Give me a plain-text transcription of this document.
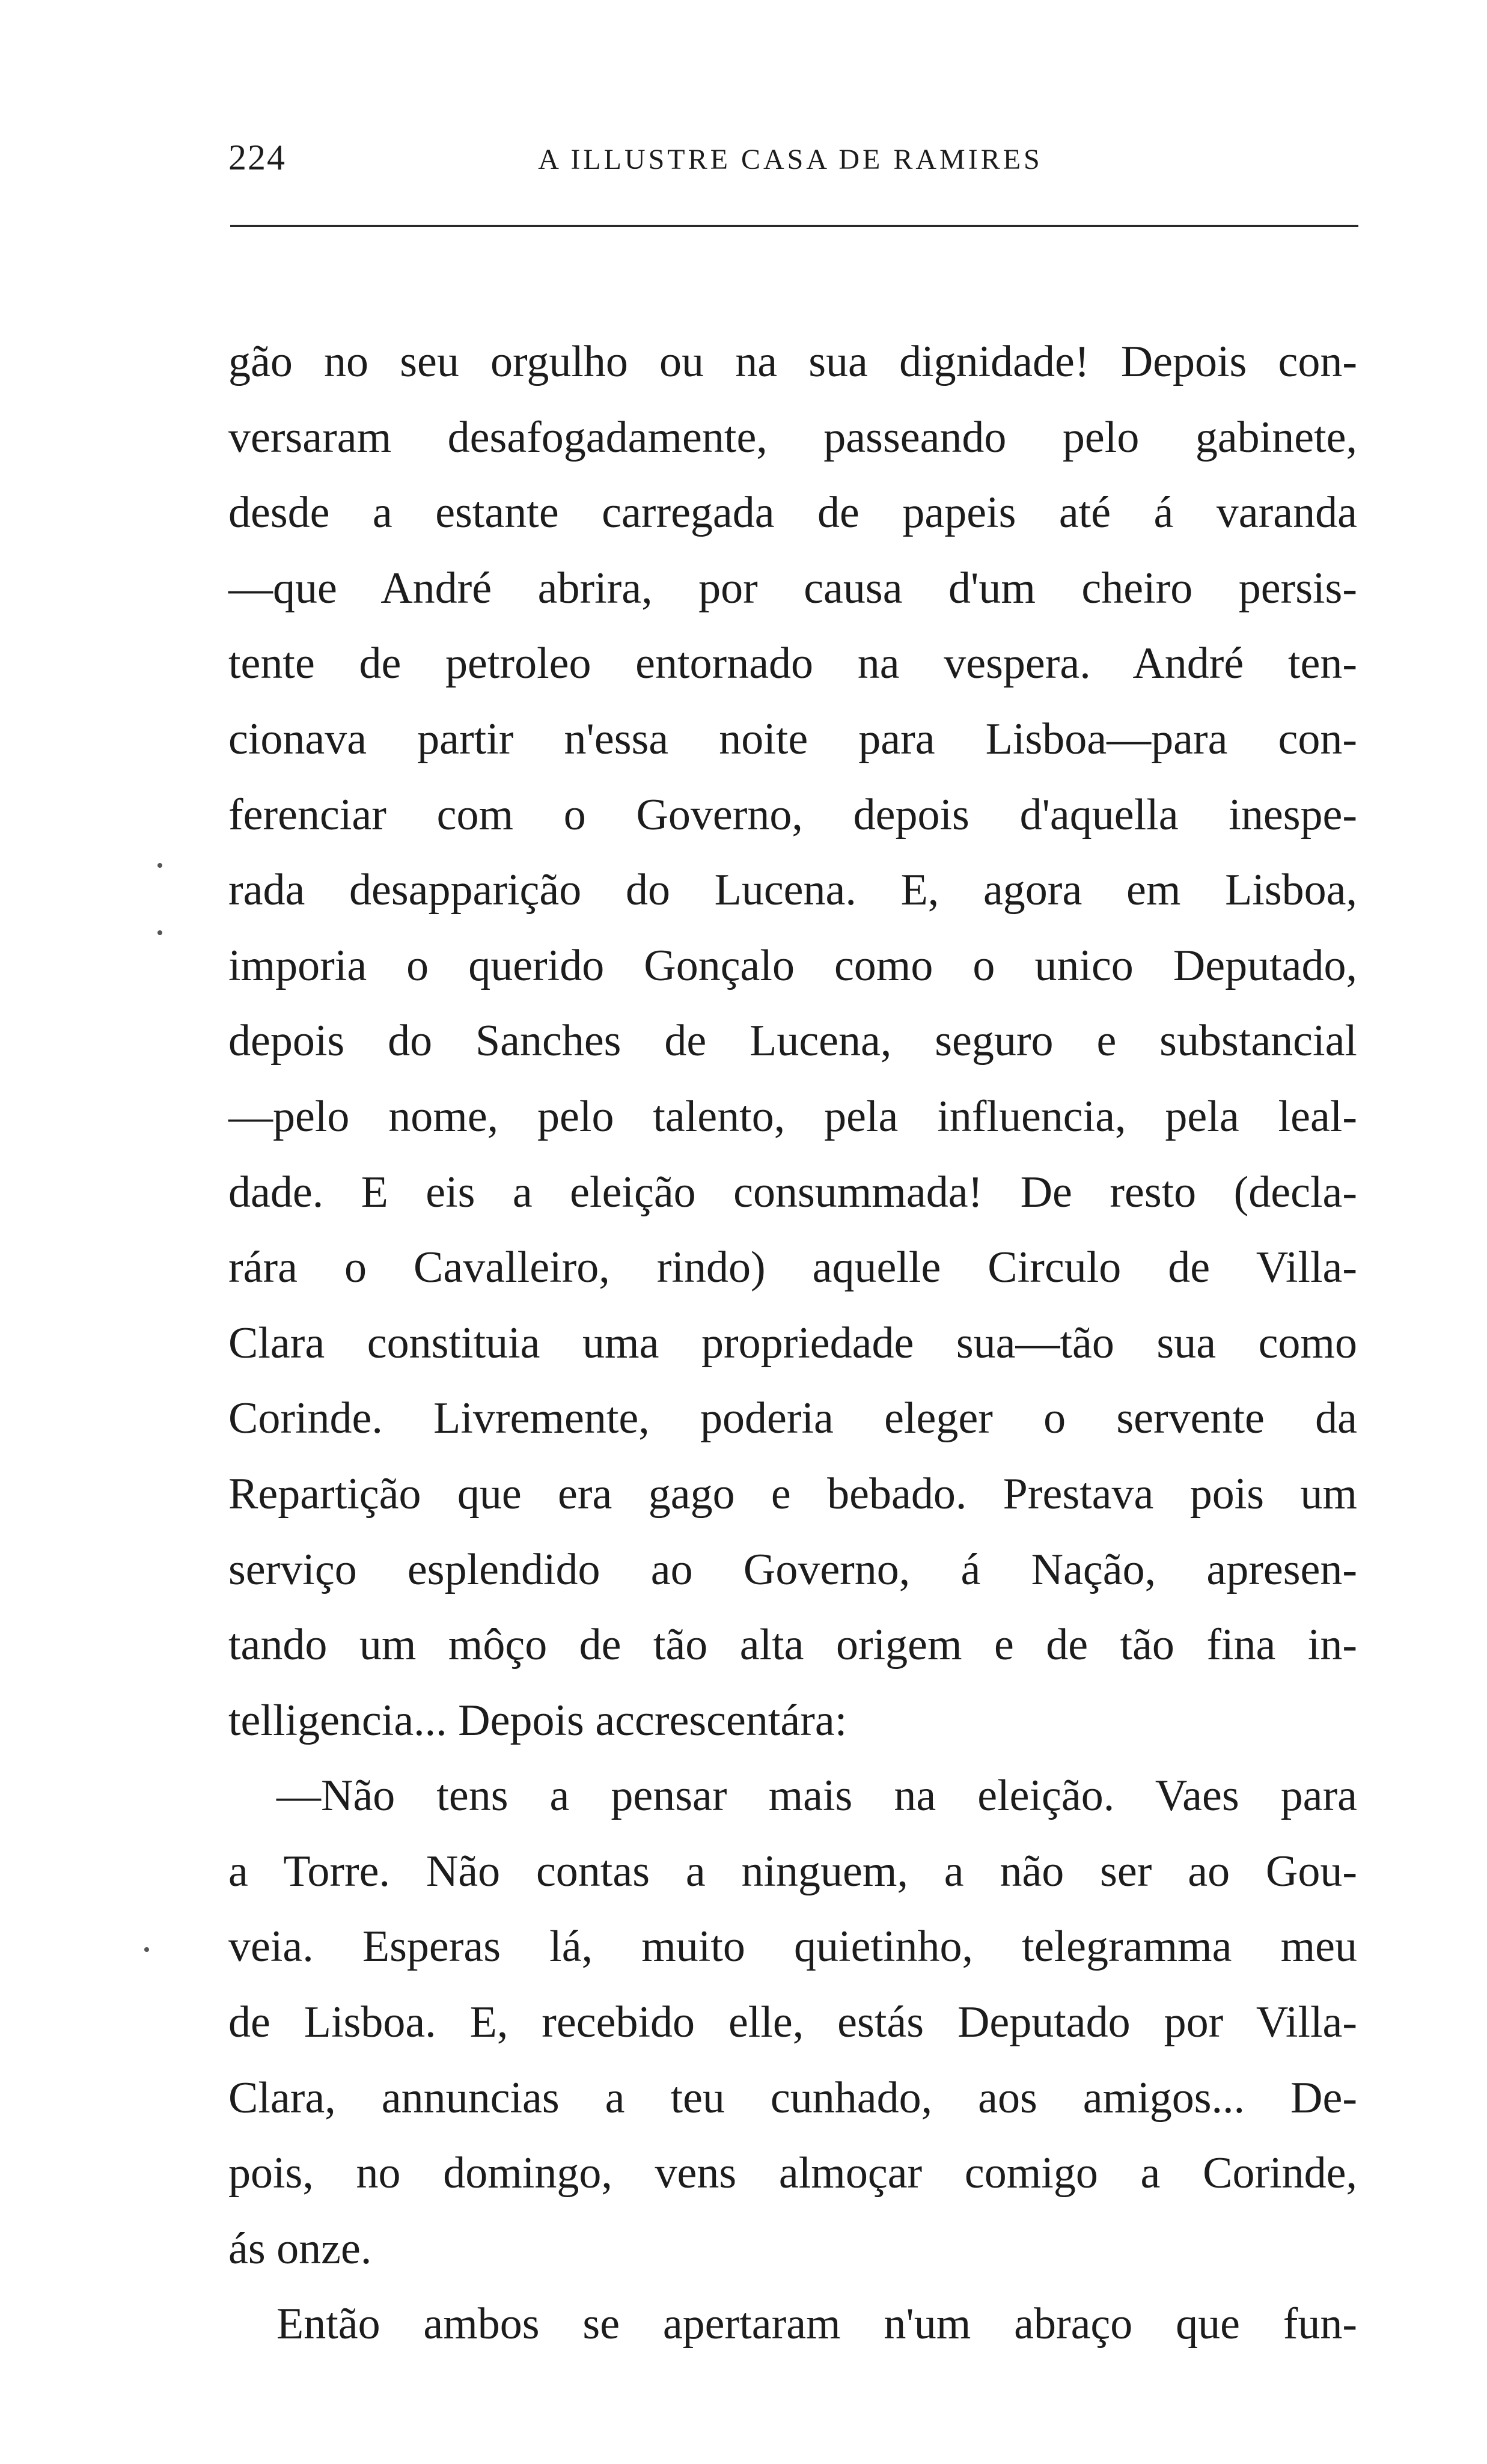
224	A ILLUSTRE CASA DE RAMIRES
gão no seu orgulho ou na sua dignidade! Depois con-
versaram desafogadamente, passeando pelo gabinete,
desde a estante carregada de papeis até á varanda
—que André abrira, por causa d'um cheiro persis-
tente de petroleo entornado na vespera. André ten-
cionava partir n'essa noite para Lisboa—para con-
ferenciar com o Governo, depois d'aquella inespe-
rada desapparição do Lucena. E, agora em Lisboa,
imporia o querido Gonçalo como o unico Deputado,
depois do Sanches de Lucena, seguro e substancial
—pelo nome, pelo talento, pela influencia, pela leal-
dade. E eis a eleição consummada! De resto (decla-
rára o Cavalleiro, rindo) aquelle Circulo de Villa-
Clara constituia uma propriedade sua—tão sua como
Corinde. Livremente, poderia eleger o servente da
Repartição que era gago e bebado. Prestava pois um
serviço esplendido ao Governo, á Nação, apresen-
tando um môço de tão alta origem e de tão fina in-
telligencia... Depois accrescentára:
—Não tens a pensar mais na eleição. Vaes para
a Torre. Não contas a ninguem, a não ser ao Gou-
veia. Esperas lá, muito quietinho, telegramma meu
de Lisboa. E, recebido elle, estás Deputado por Villa-
Clara, annuncias a teu cunhado, aos amigos... De-
pois, no domingo, vens almoçar comigo a Corinde,
ás onze.
Então ambos se apertaram n'um abraço que fun-
